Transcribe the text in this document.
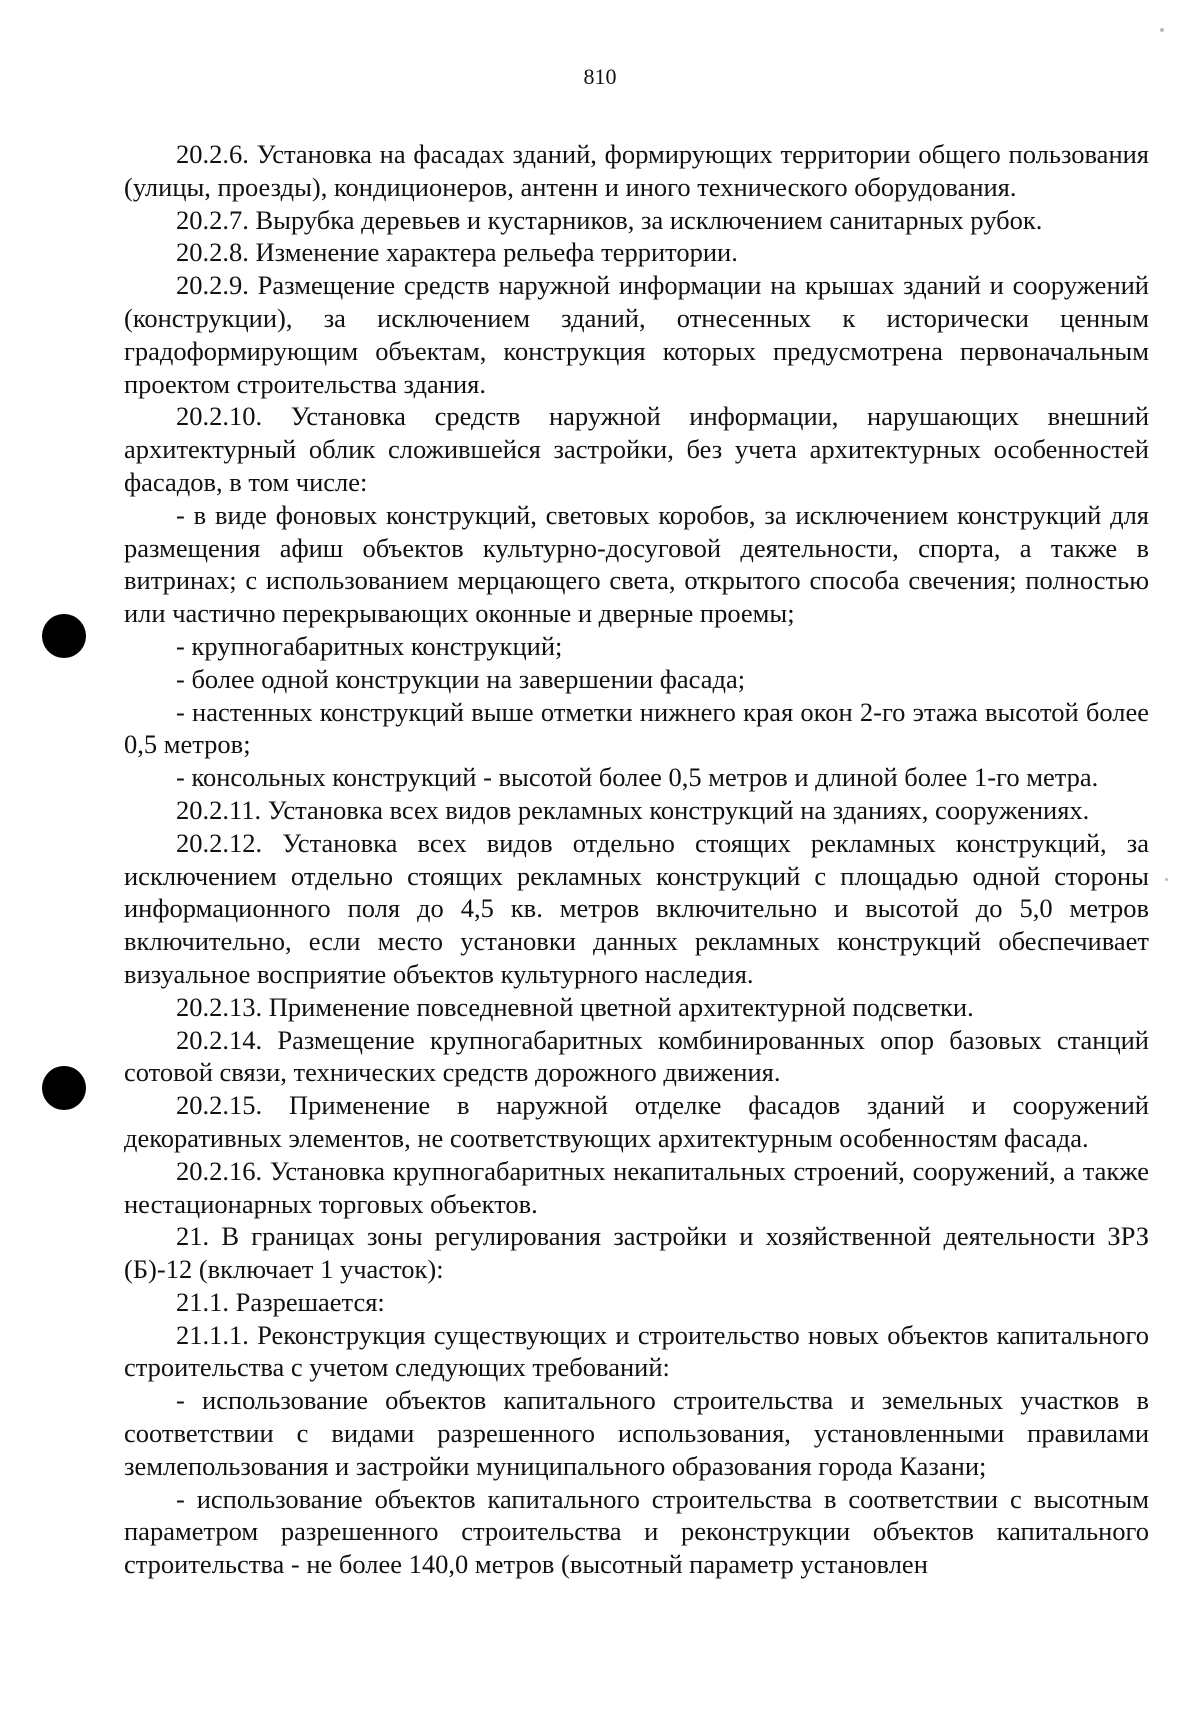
810

20.2.6. Установка на фасадах зданий, формирующих территории общего пользования (улицы, проезды), кондиционеров, антенн и иного технического оборудования.

20.2.7. Вырубка деревьев и кустарников, за исключением санитарных рубок.

20.2.8. Изменение характера рельефа территории.

20.2.9. Размещение средств наружной информации на крышах зданий и сооружений (конструкции), за исключением зданий, отнесенных к исторически ценным градоформирующим объектам, конструкция которых предусмотрена первоначальным проектом строительства здания.

20.2.10. Установка средств наружной информации, нарушающих внешний архитектурный облик сложившейся застройки, без учета архитектурных особенностей фасадов, в том числе:

- в виде фоновых конструкций, световых коробов, за исключением конструкций для размещения афиш объектов культурно-досуговой деятельности, спорта, а также в витринах; с использованием мерцающего света, открытого способа свечения; полностью или частично перекрывающих оконные и дверные проемы;

- крупногабаритных конструкций;

- более одной конструкции на завершении фасада;

- настенных конструкций выше отметки нижнего края окон 2-го этажа высотой более 0,5 метров;

- консольных конструкций - высотой более 0,5 метров и длиной более 1-го метра.

20.2.11. Установка всех видов рекламных конструкций на зданиях, сооружениях.

20.2.12. Установка всех видов отдельно стоящих рекламных конструкций, за исключением отдельно стоящих рекламных конструкций с площадью одной стороны информационного поля до 4,5 кв. метров включительно и высотой до 5,0 метров включительно, если место установки данных рекламных конструкций обеспечивает визуальное восприятие объектов культурного наследия.

20.2.13. Применение повседневной цветной архитектурной подсветки.

20.2.14. Размещение крупногабаритных комбинированных опор базовых станций сотовой связи, технических средств дорожного движения.

20.2.15. Применение в наружной отделке фасадов зданий и сооружений декоративных элементов, не соответствующих архитектурным особенностям фасада.

20.2.16. Установка крупногабаритных некапитальных строений, сооружений, а также нестационарных торговых объектов.

21. В границах зоны регулирования застройки и хозяйственной деятельности ЗРЗ (Б)-12 (включает 1 участок):

21.1. Разрешается:

21.1.1. Реконструкция существующих и строительство новых объектов капитального строительства с учетом следующих требований:

- использование объектов капитального строительства и земельных участков в соответствии с видами разрешенного использования, установленными правилами землепользования и застройки муниципального образования города Казани;

- использование объектов капитального строительства в соответствии с высотным параметром разрешенного строительства и реконструкции объектов капитального строительства - не более 140,0 метров (высотный параметр установлен
